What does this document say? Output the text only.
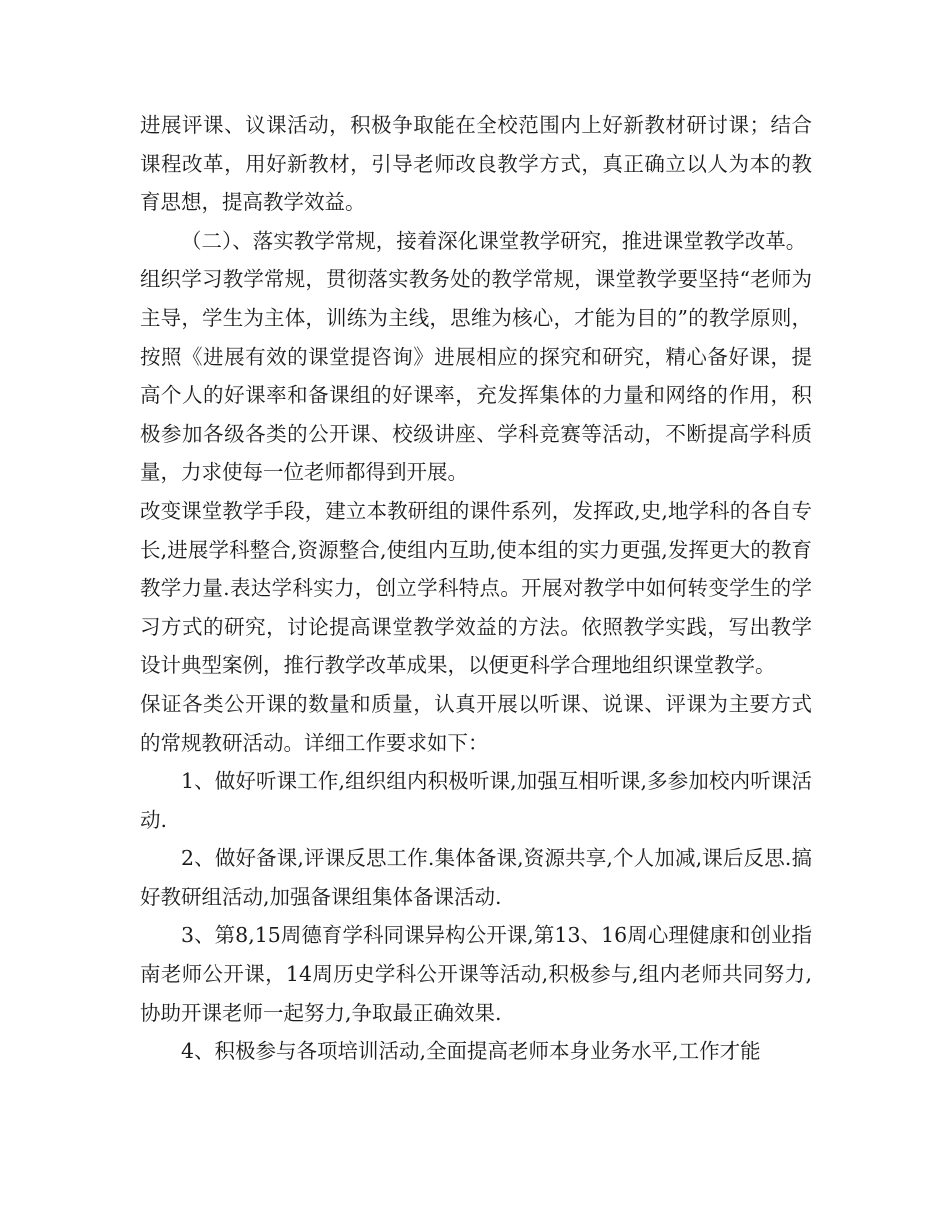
进展评课、议课活动，积极争取能在全校范围内上好新教材研讨课；结合课程改革，用好新教材，引导老师改良教学方式，真正确立以人为本的教育思想，提高教学效益。

（二）、落实教学常规，接着深化课堂教学研究，推进课堂教学改革。

组织学习教学常规，贯彻落实教务处的教学常规，课堂教学要坚持“老师为主导，学生为主体，训练为主线，思维为核心，才能为目的”的教学原则，按照《进展有效的课堂提咨询》进展相应的探究和研究，精心备好课，提高个人的好课率和备课组的好课率，充发挥集体的力量和网络的作用，积极参加各级各类的公开课、校级讲座、学科竞赛等活动，不断提高学科质量，力求使每一位老师都得到开展。

改变课堂教学手段，建立本教研组的课件系列，发挥政,史,地学科的各自专长,进展学科整合,资源整合,使组内互助,使本组的实力更强,发挥更大的教育教学力量.表达学科实力，创立学科特点。开展对教学中如何转变学生的学习方式的研究，讨论提高课堂教学效益的方法。依照教学实践，写出教学设计典型案例，推行教学改革成果，以便更科学合理地组织课堂教学。

保证各类公开课的数量和质量，认真开展以听课、说课、评课为主要方式的常规教研活动。详细工作要求如下：

1、做好听课工作,组织组内积极听课,加强互相听课,多参加校内听课活动.

2、做好备课,评课反思工作.集体备课,资源共享,个人加减,课后反思.搞好教研组活动,加强备课组集体备课活动.

3、第8,15周德育学科同课异构公开课,第13、16周心理健康和创业指南老师公开课，14周历史学科公开课等活动,积极参与,组内老师共同努力,协助开课老师一起努力,争取最正确效果.

4、积极参与各项培训活动,全面提高老师本身业务水平,工作才能
